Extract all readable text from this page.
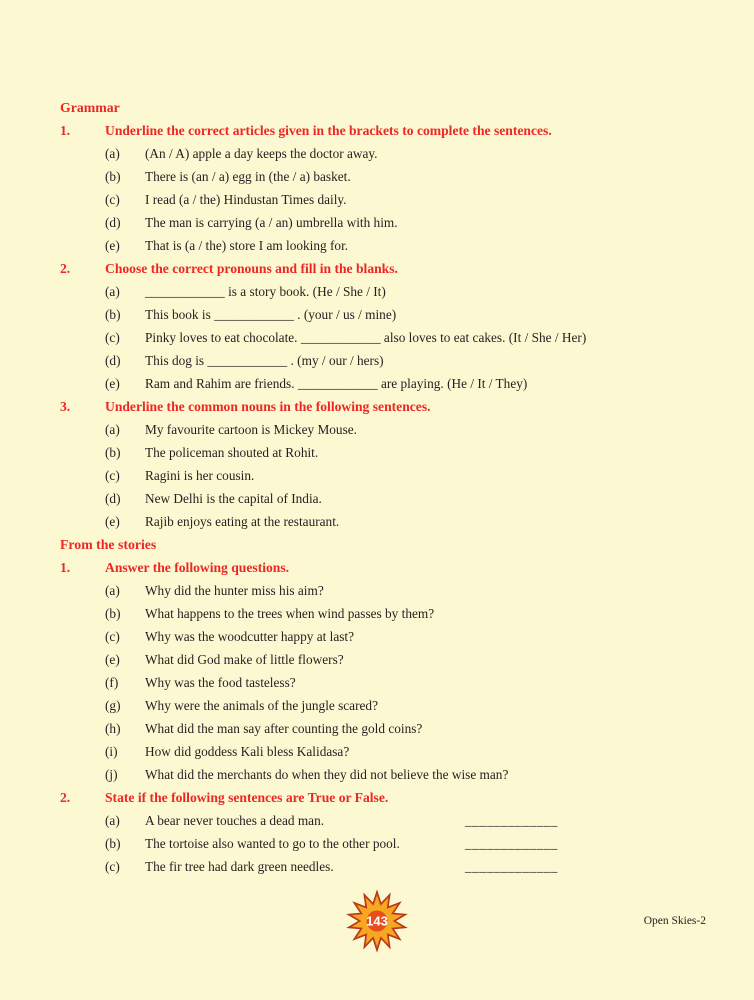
Grammar
1.	Underline the correct articles given in the brackets to complete the sentences.
(a) (An / A) apple a day keeps the doctor away.
(b) There is (an / a) egg in (the / a) basket.
(c) I read (a / the) Hindustan Times daily.
(d) The man is carrying (a / an) umbrella with him.
(e) That is (a / the) store I am looking for.
2.	Choose the correct pronouns and fill in the blanks.
(a) ____________ is a story book. (He / She / It)
(b) This book is ____________ . (your / us / mine)
(c) Pinky loves to eat chocolate. ____________ also loves to eat cakes. (It / She / Her)
(d) This dog is ____________ . (my / our / hers)
(e) Ram and Rahim are friends. ____________ are playing. (He / It / They)
3.	Underline the common nouns in the following sentences.
(a) My favourite cartoon is Mickey Mouse.
(b) The policeman shouted at Rohit.
(c) Ragini is her cousin.
(d) New Delhi is the capital of India.
(e) Rajib enjoys eating at the restaurant.
From the stories
1.	Answer the following questions.
(a) Why did the hunter miss his aim?
(b) What happens to the trees when wind passes by them?
(c) Why was the woodcutter happy at last?
(e) What did God make of little flowers?
(f) Why was the food tasteless?
(g) Why were the animals of the jungle scared?
(h) What did the man say after counting the gold coins?
(i) How did goddess Kali bless Kalidasa?
(j) What did the merchants do when they did not believe the wise man?
2.	State if the following sentences are True or False.
(a) A bear never touches a dead man.	_____________
(b) The tortoise also wanted to go to the other pool.	_____________
(c) The fir tree had dark green needles.	_____________
143	Open Skies-2
